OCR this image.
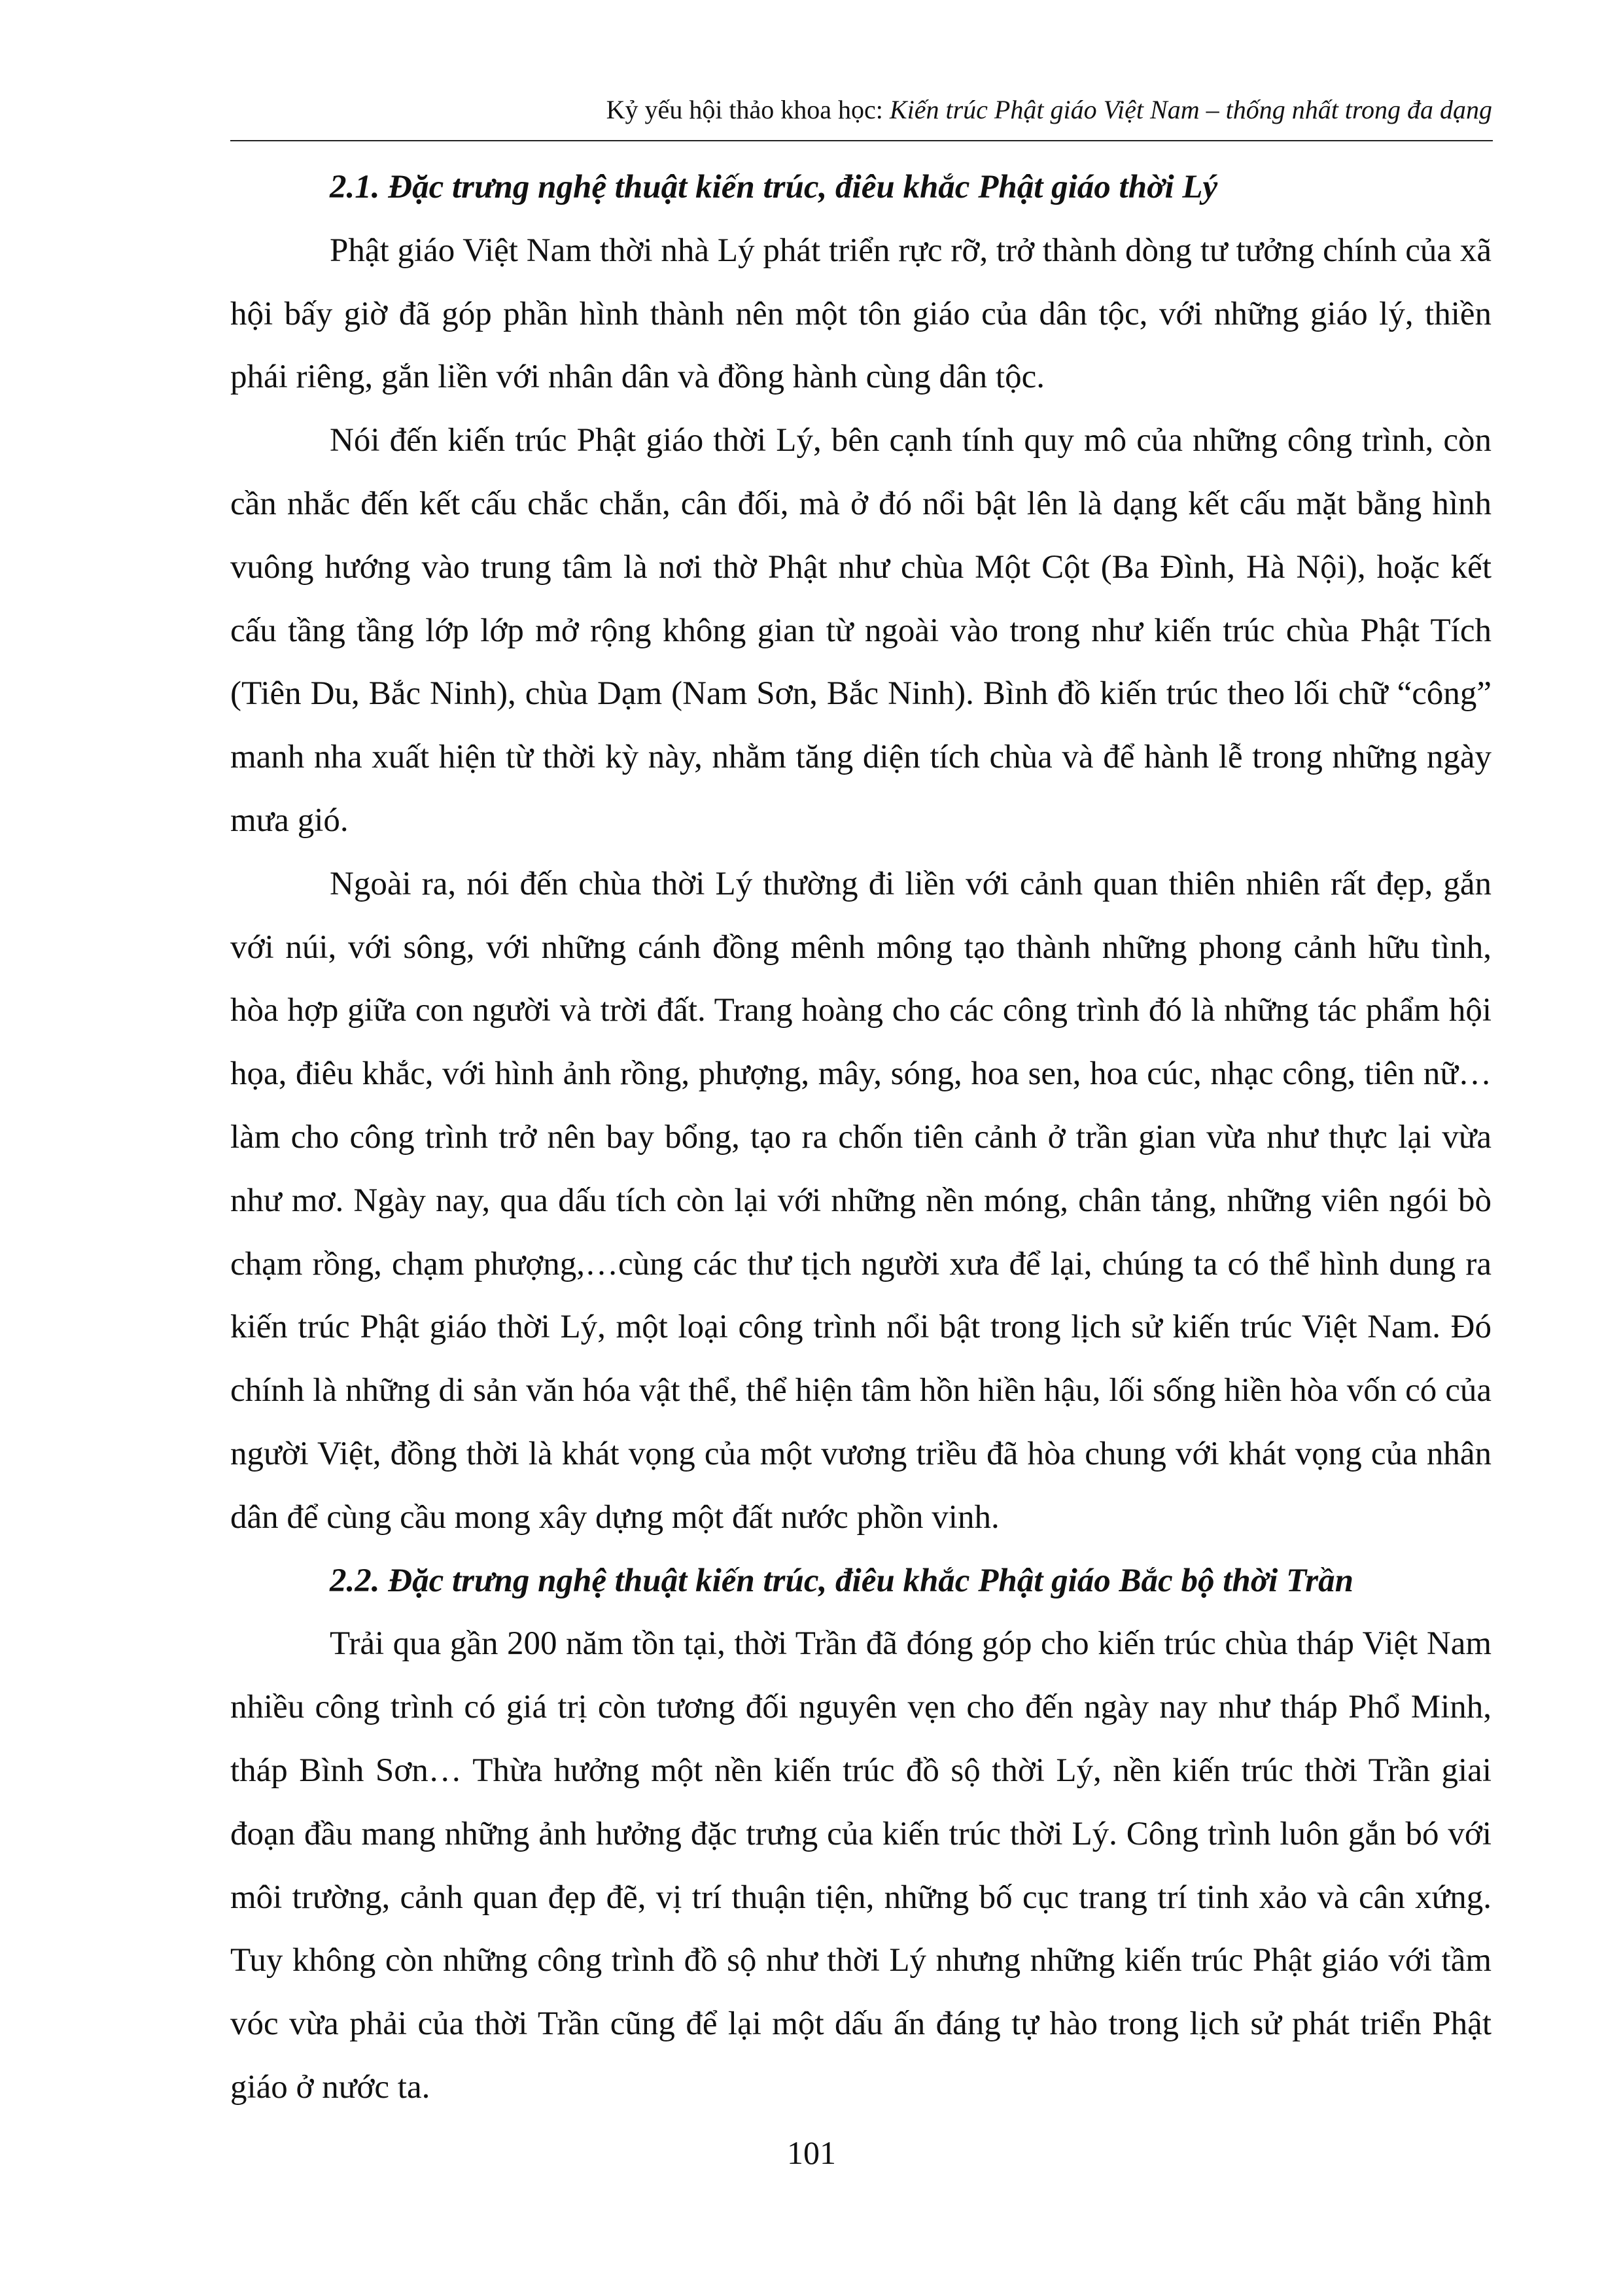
Kỷ yếu hội thảo khoa học: Kiến trúc Phật giáo Việt Nam – thống nhất trong đa dạng
2.1. Đặc trưng nghệ thuật kiến trúc, điêu khắc Phật giáo thời Lý

Phật giáo Việt Nam thời nhà Lý phát triển rực rỡ, trở thành dòng tư tưởng chính của xã hội bấy giờ đã góp phần hình thành nên một tôn giáo của dân tộc, với những giáo lý, thiền phái riêng, gắn liền với nhân dân và đồng hành cùng dân tộc.

Nói đến kiến trúc Phật giáo thời Lý, bên cạnh tính quy mô của những công trình, còn cần nhắc đến kết cấu chắc chắn, cân đối, mà ở đó nổi bật lên là dạng kết cấu mặt bằng hình vuông hướng vào trung tâm là nơi thờ Phật như chùa Một Cột (Ba Đình, Hà Nội), hoặc kết cấu tầng tầng lớp lớp mở rộng không gian từ ngoài vào trong như kiến trúc chùa Phật Tích (Tiên Du, Bắc Ninh), chùa Dạm (Nam Sơn, Bắc Ninh). Bình đồ kiến trúc theo lối chữ “công” manh nha xuất hiện từ thời kỳ này, nhằm tăng diện tích chùa và để hành lễ trong những ngày mưa gió.

Ngoài ra, nói đến chùa thời Lý thường đi liền với cảnh quan thiên nhiên rất đẹp, gắn với núi, với sông, với những cánh đồng mênh mông tạo thành những phong cảnh hữu tình, hòa hợp giữa con người và trời đất. Trang hoàng cho các công trình đó là những tác phẩm hội họa, điêu khắc, với hình ảnh rồng, phượng, mây, sóng, hoa sen, hoa cúc, nhạc công, tiên nữ… làm cho công trình trở nên bay bổng, tạo ra chốn tiên cảnh ở trần gian vừa như thực lại vừa như mơ. Ngày nay, qua dấu tích còn lại với những nền móng, chân tảng, những viên ngói bò chạm rồng, chạm phượng,…cùng các thư tịch người xưa để lại, chúng ta có thể hình dung ra kiến trúc Phật giáo thời Lý, một loại công trình nổi bật trong lịch sử kiến trúc Việt Nam. Đó chính là những di sản văn hóa vật thể, thể hiện tâm hồn hiền hậu, lối sống hiền hòa vốn có của người Việt, đồng thời là khát vọng của một vương triều đã hòa chung với khát vọng của nhân dân để cùng cầu mong xây dựng một đất nước phồn vinh.

2.2. Đặc trưng nghệ thuật kiến trúc, điêu khắc Phật giáo Bắc bộ thời Trần

Trải qua gần 200 năm tồn tại, thời Trần đã đóng góp cho kiến trúc chùa tháp Việt Nam nhiều công trình có giá trị còn tương đối nguyên vẹn cho đến ngày nay như tháp Phổ Minh, tháp Bình Sơn… Thừa hưởng một nền kiến trúc đồ sộ thời Lý, nền kiến trúc thời Trần giai đoạn đầu mang những ảnh hưởng đặc trưng của kiến trúc thời Lý. Công trình luôn gắn bó với môi trường, cảnh quan đẹp đẽ, vị trí thuận tiện, những bố cục trang trí tinh xảo và cân xứng. Tuy không còn những công trình đồ sộ như thời Lý nhưng những kiến trúc Phật giáo với tầm vóc vừa phải của thời Trần cũng để lại một dấu ấn đáng tự hào trong lịch sử phát triển Phật giáo ở nước ta.

101
